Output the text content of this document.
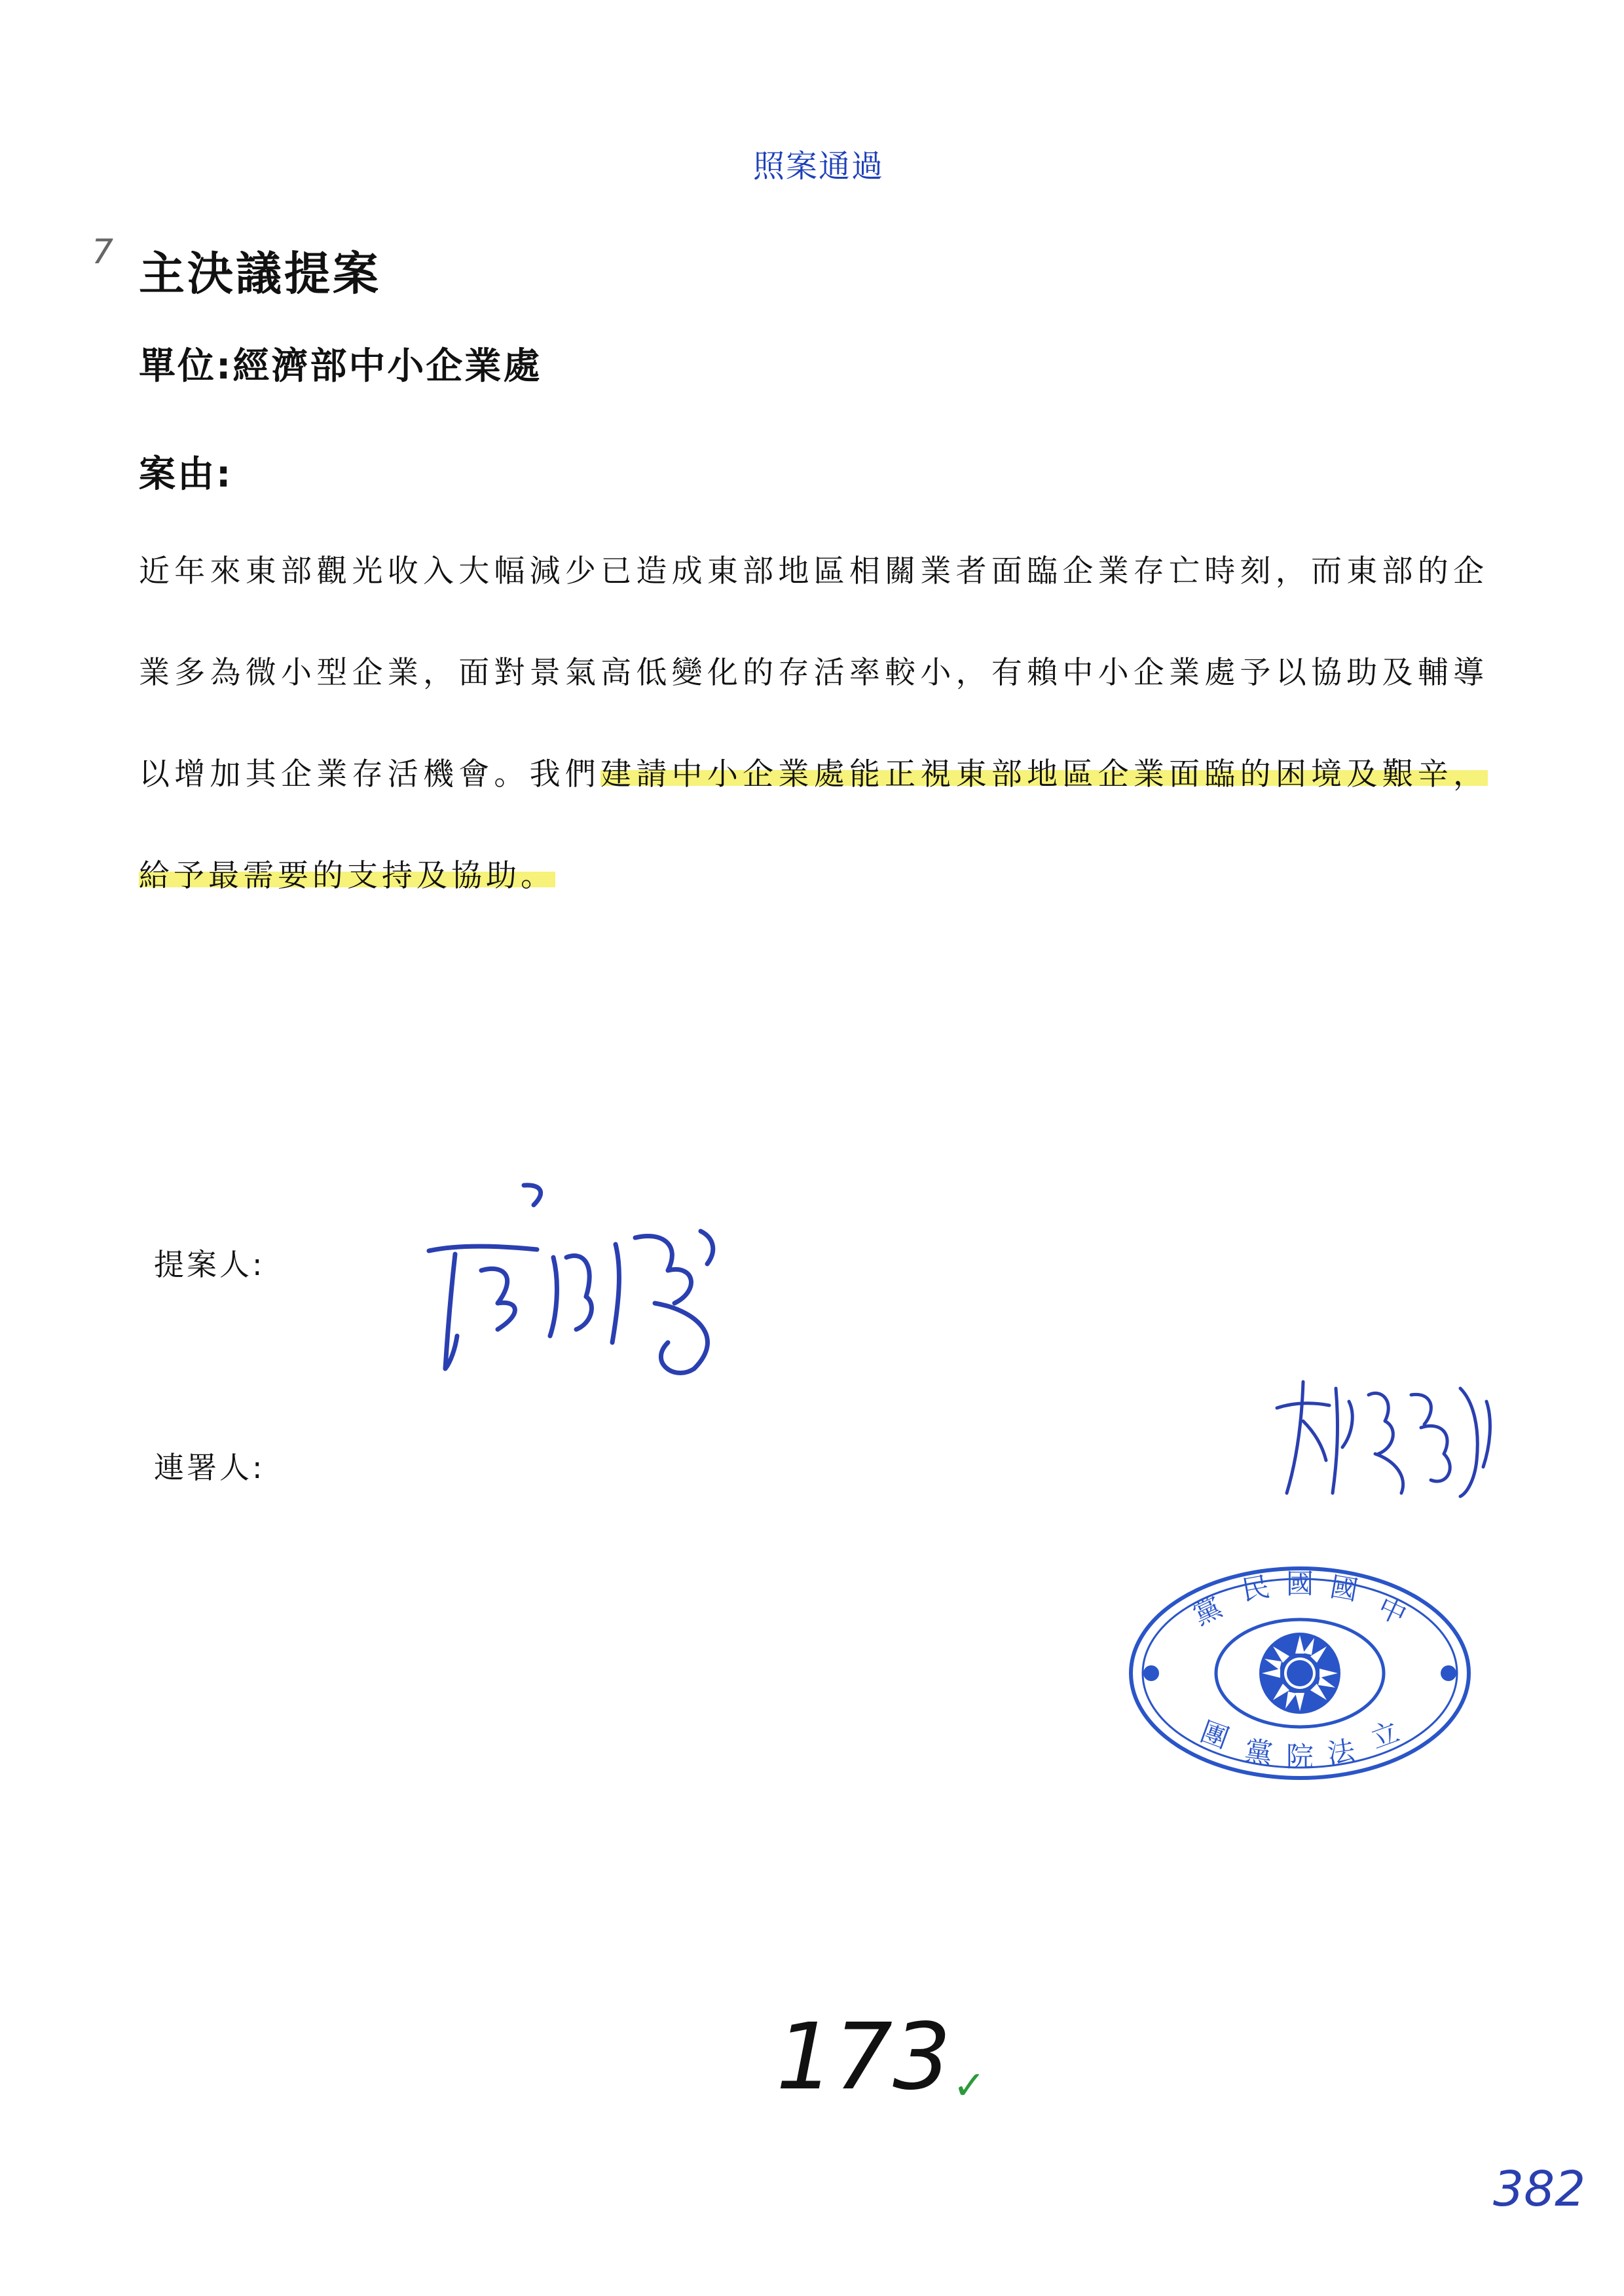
照案通過
7 主決議提案
單位:經濟部中小企業處
案由:
近年來東部觀光收入大幅減少已造成東部地區相關業者面臨企業存亡時刻，而東部的企業多為微小型企業，面對景氣高低變化的存活率較小，有賴中小企業處予以協助及輔導以增加其企業存活機會。我們建請中小企業處能正視東部地區企業面臨的困境及艱辛，給予最需要的支持及協助。
提案人:
連署人:
黨
民 國 國
中
團 黨 院 法 立
173 ✓
382
